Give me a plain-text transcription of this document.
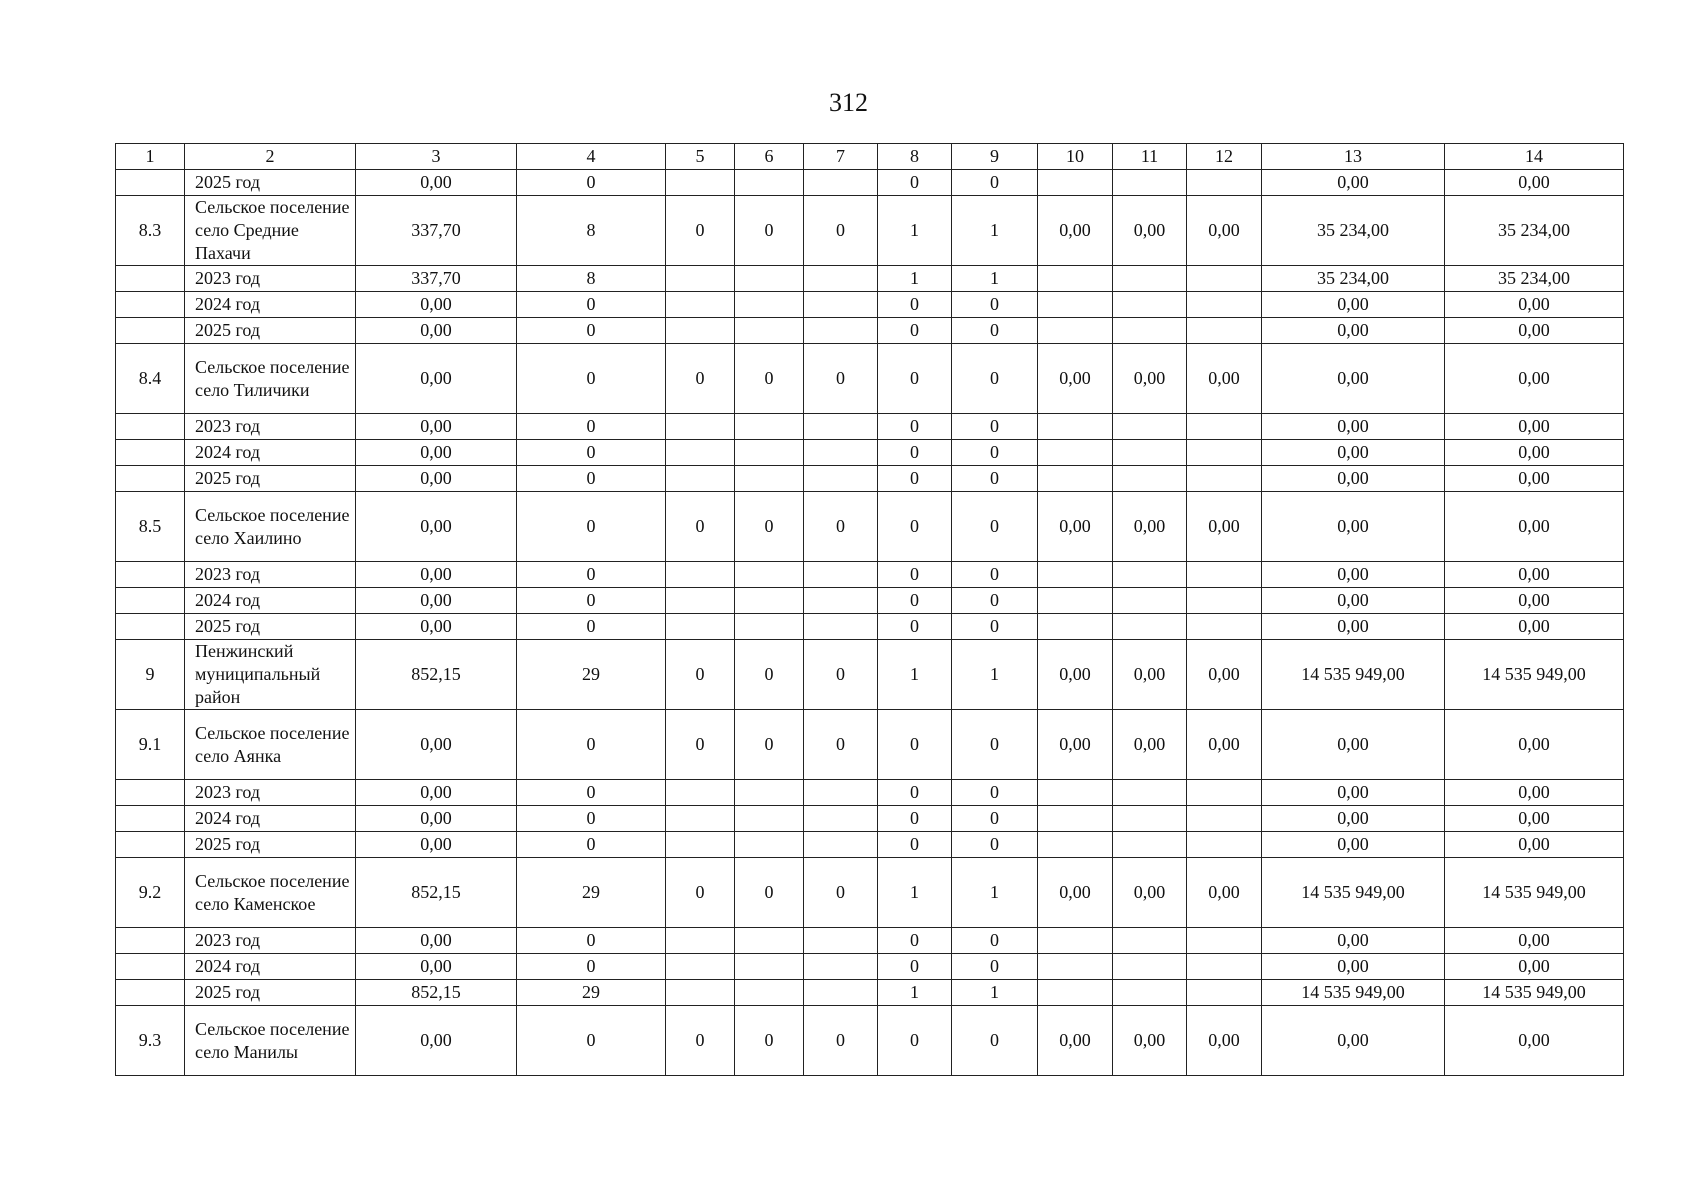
312
1	2	3	4	5	6	7	8	9	10	11	12	13	14
	2025 год	0,00	0				0	0				0,00	0,00
8.3	Сельское поселение село Средние Пахачи	337,70	8	0	0	0	1	1	0,00	0,00	0,00	35 234,00	35 234,00
	2023 год	337,70	8				1	1				35 234,00	35 234,00
	2024 год	0,00	0				0	0				0,00	0,00
	2025 год	0,00	0				0	0				0,00	0,00
8.4	Сельское поселение село Тиличики	0,00	0	0	0	0	0	0	0,00	0,00	0,00	0,00	0,00
	2023 год	0,00	0				0	0				0,00	0,00
	2024 год	0,00	0				0	0				0,00	0,00
	2025 год	0,00	0				0	0				0,00	0,00
8.5	Сельское поселение село Хаилино	0,00	0	0	0	0	0	0	0,00	0,00	0,00	0,00	0,00
	2023 год	0,00	0				0	0				0,00	0,00
	2024 год	0,00	0				0	0				0,00	0,00
	2025 год	0,00	0				0	0				0,00	0,00
9	Пенжинский муниципальный район	852,15	29	0	0	0	1	1	0,00	0,00	0,00	14 535 949,00	14 535 949,00
9.1	Сельское поселение село Аянка	0,00	0	0	0	0	0	0	0,00	0,00	0,00	0,00	0,00
	2023 год	0,00	0				0	0				0,00	0,00
	2024 год	0,00	0				0	0				0,00	0,00
	2025 год	0,00	0				0	0				0,00	0,00
9.2	Сельское поселение село Каменское	852,15	29	0	0	0	1	1	0,00	0,00	0,00	14 535 949,00	14 535 949,00
	2023 год	0,00	0				0	0				0,00	0,00
	2024 год	0,00	0				0	0				0,00	0,00
	2025 год	852,15	29				1	1				14 535 949,00	14 535 949,00
9.3	Сельское поселение село Манилы	0,00	0	0	0	0	0	0	0,00	0,00	0,00	0,00	0,00
